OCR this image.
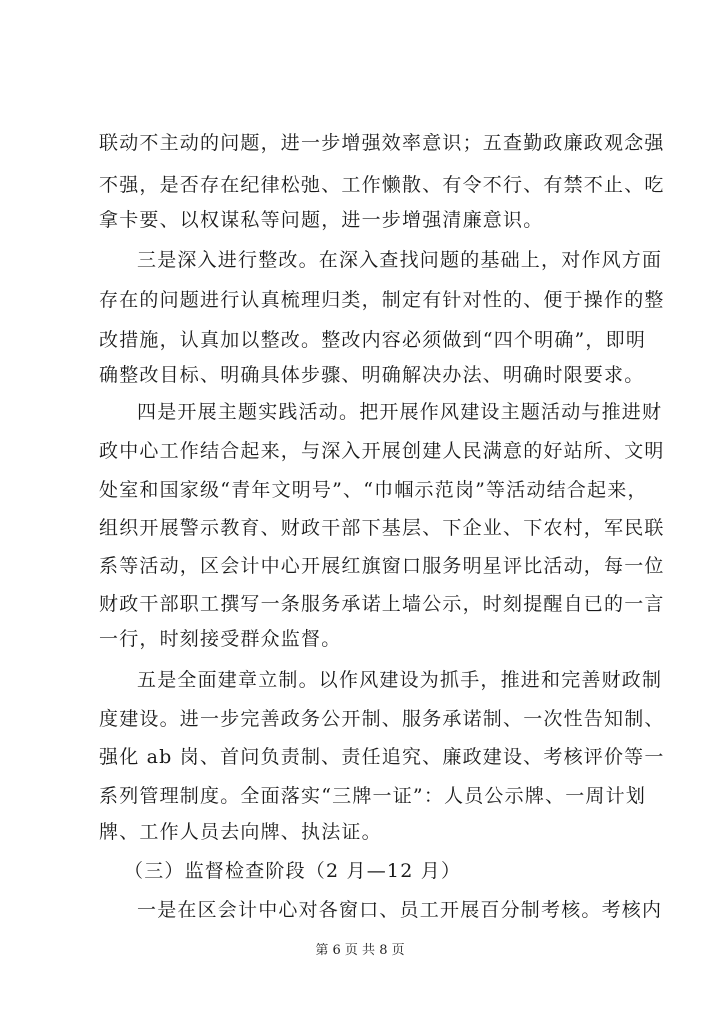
联动不主动的问题，进一步增强效率意识；五查勤政廉政观念强
不强，是否存在纪律松弛、工作懒散、有令不行、有禁不止、吃
拿卡要、以权谋私等问题，进一步增强清廉意识。
三是深入进行整改。在深入查找问题的基础上，对作风方面
存在的问题进行认真梳理归类，制定有针对性的、便于操作的整
改措施，认真加以整改。整改内容必须做到“四个明确”，即明
确整改目标、明确具体步骤、明确解决办法、明确时限要求。
四是开展主题实践活动。把开展作风建设主题活动与推进财
政中心工作结合起来，与深入开展创建人民满意的好站所、文明
处室和国家级“青年文明号”、“巾帼示范岗”等活动结合起来，
组织开展警示教育、财政干部下基层、下企业、下农村，军民联
系等活动，区会计中心开展红旗窗口服务明星评比活动，每一位
财政干部职工撰写一条服务承诺上墙公示，时刻提醒自已的一言
一行，时刻接受群众监督。
五是全面建章立制。以作风建设为抓手，推进和完善财政制
度建设。进一步完善政务公开制、服务承诺制、一次性告知制、
强化 ab 岗、首问负责制、责任追究、廉政建设、考核评价等一
系列管理制度。全面落实“三牌一证”：人员公示牌、一周计划
牌、工作人员去向牌、执法证。
（三）监督检查阶段（2 月—12 月）
一是在区会计中心对各窗口、员工开展百分制考核。考核内
第 6 页 共 8 页
